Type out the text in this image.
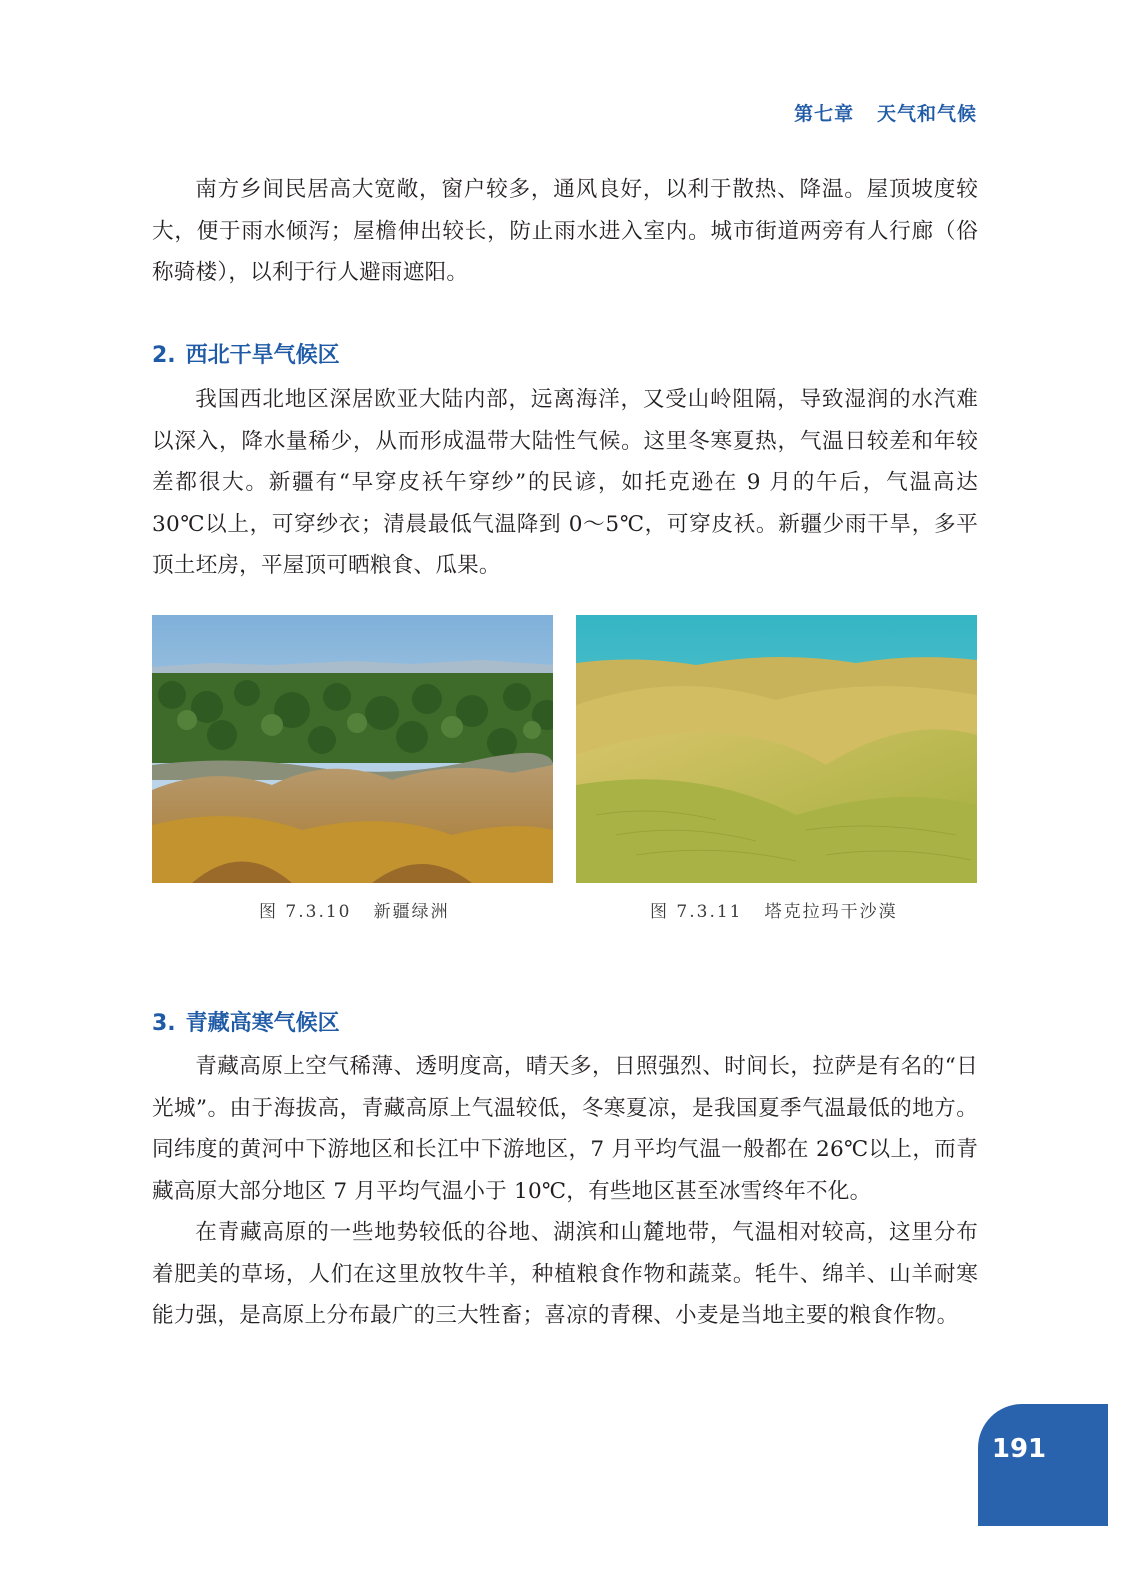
第七章 天气和气候

南方乡间民居高大宽敞，窗户较多，通风良好，以利于散热、降温。屋顶坡度较大，便于雨水倾泻；屋檐伸出较长，防止雨水进入室内。城市街道两旁有人行廊（俗称骑楼），以利于行人避雨遮阳。

2. 西北干旱气候区

我国西北地区深居欧亚大陆内部，远离海洋，又受山岭阻隔，导致湿润的水汽难以深入，降水量稀少，从而形成温带大陆性气候。这里冬寒夏热，气温日较差和年较差都很大。新疆有“早穿皮袄午穿纱”的民谚，如托克逊在 9 月的午后，气温高达 30℃以上，可穿纱衣；清晨最低气温降到 0～5℃，可穿皮袄。新疆少雨干旱，多平顶土坯房，平屋顶可晒粮食、瓜果。

图 7.3.10   新疆绿洲	图 7.3.11   塔克拉玛干沙漠
3. 青藏高寒气候区

青藏高原上空气稀薄、透明度高，晴天多，日照强烈、时间长，拉萨是有名的“日光城”。由于海拔高，青藏高原上气温较低，冬寒夏凉，是我国夏季气温最低的地方。同纬度的黄河中下游地区和长江中下游地区，7 月平均气温一般都在 26℃以上，而青藏高原大部分地区 7 月平均气温小于 10℃，有些地区甚至冰雪终年不化。

在青藏高原的一些地势较低的谷地、湖滨和山麓地带，气温相对较高，这里分布着肥美的草场，人们在这里放牧牛羊，种植粮食作物和蔬菜。牦牛、绵羊、山羊耐寒能力强，是高原上分布最广的三大牲畜；喜凉的青稞、小麦是当地主要的粮食作物。

191
